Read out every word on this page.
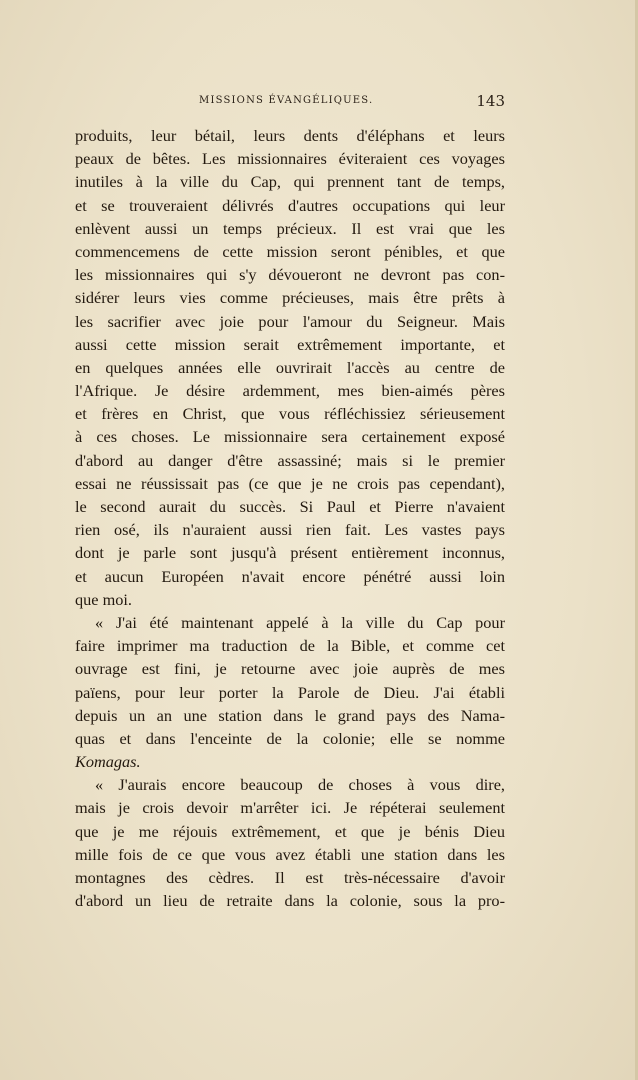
MISSIONS ÉVANGÉLIQUES.	143
produits, leur bétail, leurs dents d'éléphans et leurs
peaux de bêtes. Les missionnaires éviteraient ces voyages
inutiles à la ville du Cap, qui prennent tant de temps,
et se trouveraient délivrés d'autres occupations qui leur
enlèvent aussi un temps précieux. Il est vrai que les
commencemens de cette mission seront pénibles, et que
les missionnaires qui s'y dévoueront ne devront pas con-
sidérer leurs vies comme précieuses, mais être prêts à
les sacrifier avec joie pour l'amour du Seigneur. Mais
aussi cette mission serait extrêmement importante, et
en quelques années elle ouvrirait l'accès au centre de
l'Afrique. Je désire ardemment, mes bien-aimés pères
et frères en Christ, que vous réfléchissiez sérieusement
à ces choses. Le missionnaire sera certainement exposé
d'abord au danger d'être assassiné; mais si le premier
essai ne réussissait pas (ce que je ne crois pas cependant),
le second aurait du succès. Si Paul et Pierre n'avaient
rien osé, ils n'auraient aussi rien fait. Les vastes pays
dont je parle sont jusqu'à présent entièrement inconnus,
et aucun Européen n'avait encore pénétré aussi loin
que moi.
« J'ai été maintenant appelé à la ville du Cap pour
faire imprimer ma traduction de la Bible, et comme cet
ouvrage est fini, je retourne avec joie auprès de mes
païens, pour leur porter la Parole de Dieu. J'ai établi
depuis un an une station dans le grand pays des Nama-
quas et dans l'enceinte de la colonie; elle se nomme
Komagas.
« J'aurais encore beaucoup de choses à vous dire,
mais je crois devoir m'arrêter ici. Je répéterai seulement
que je me réjouis extrêmement, et que je bénis Dieu
mille fois de ce que vous avez établi une station dans les
montagnes des cèdres. Il est très-nécessaire d'avoir
d'abord un lieu de retraite dans la colonie, sous la pro-
